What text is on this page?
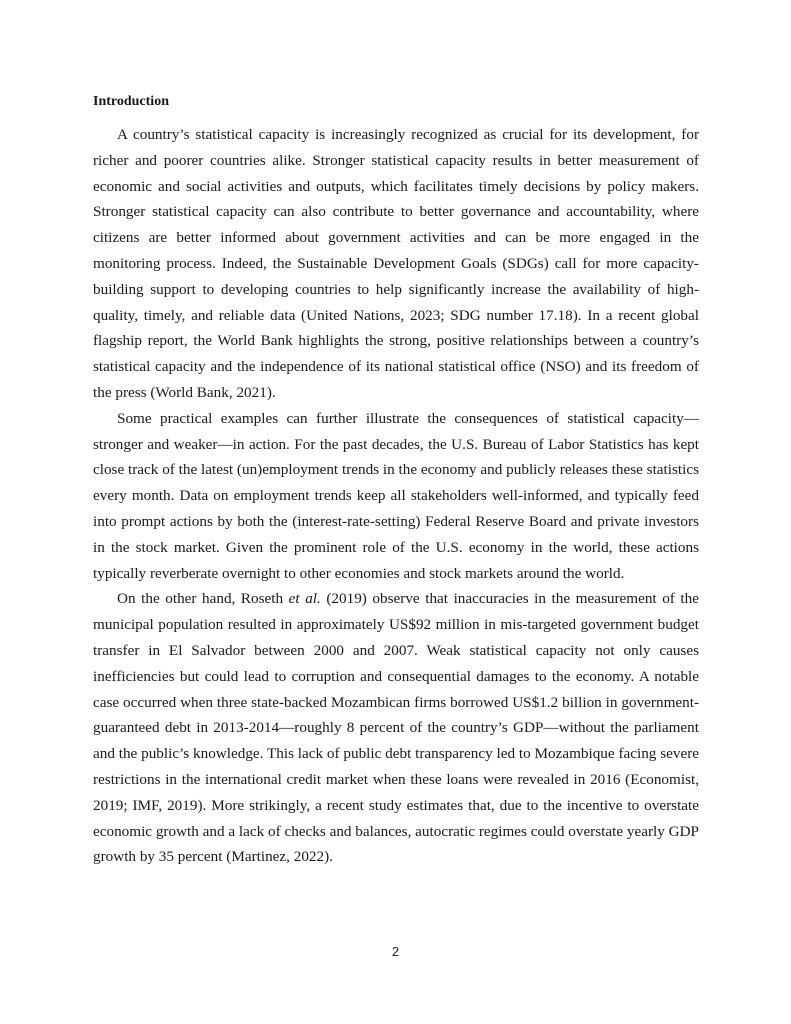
Introduction

A country’s statistical capacity is increasingly recognized as crucial for its development, for richer and poorer countries alike. Stronger statistical capacity results in better measurement of economic and social activities and outputs, which facilitates timely decisions by policy makers. Stronger statistical capacity can also contribute to better governance and accountability, where citizens are better informed about government activities and can be more engaged in the monitoring process. Indeed, the Sustainable Development Goals (SDGs) call for more capacity-building support to developing countries to help significantly increase the availability of high-quality, timely, and reliable data (United Nations, 2023; SDG number 17.18). In a recent global flagship report, the World Bank highlights the strong, positive relationships between a country’s statistical capacity and the independence of its national statistical office (NSO) and its freedom of the press (World Bank, 2021).

Some practical examples can further illustrate the consequences of statistical capacity—stronger and weaker—in action. For the past decades, the U.S. Bureau of Labor Statistics has kept close track of the latest (un)employment trends in the economy and publicly releases these statistics every month. Data on employment trends keep all stakeholders well-informed, and typically feed into prompt actions by both the (interest-rate-setting) Federal Reserve Board and private investors in the stock market. Given the prominent role of the U.S. economy in the world, these actions typically reverberate overnight to other economies and stock markets around the world.

On the other hand, Roseth et al. (2019) observe that inaccuracies in the measurement of the municipal population resulted in approximately US$92 million in mis-targeted government budget transfer in El Salvador between 2000 and 2007. Weak statistical capacity not only causes inefficiencies but could lead to corruption and consequential damages to the economy. A notable case occurred when three state-backed Mozambican firms borrowed US$1.2 billion in government-guaranteed debt in 2013-2014—roughly 8 percent of the country’s GDP—without the parliament and the public’s knowledge. This lack of public debt transparency led to Mozambique facing severe restrictions in the international credit market when these loans were revealed in 2016 (Economist, 2019; IMF, 2019). More strikingly, a recent study estimates that, due to the incentive to overstate economic growth and a lack of checks and balances, autocratic regimes could overstate yearly GDP growth by 35 percent (Martinez, 2022).

2
